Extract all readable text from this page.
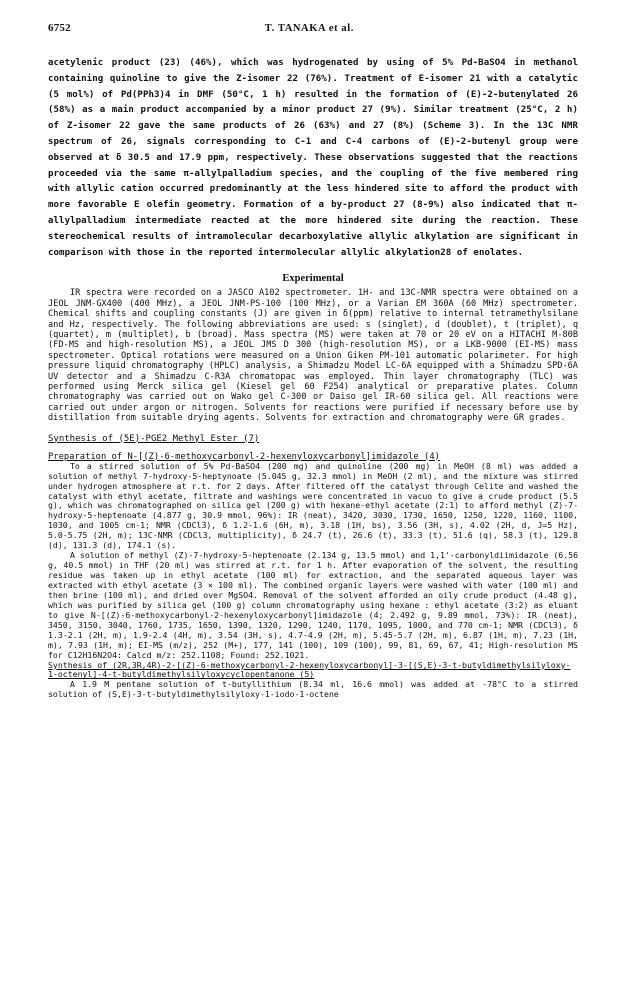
6752	T. TANAKA et al.

acetylenic product (23) (46%), which was hydrogenated by using of 5% Pd-BaSO4 in methanol containing quinoline to give the Z-isomer 22 (76%). Treatment of E-isomer 21 with a catalytic (5 mol%) of Pd(PPh3)4 in DMF (50°C, 1 h) resulted in the formation of (E)-2-butenylated 26 (58%) as a main product accompanied by a minor product 27 (9%). Similar treatment (25°C, 2 h) of Z-isomer 22 gave the same products of 26 (63%) and 27 (8%) (Scheme 3). In the 13C NMR spectrum of 26, signals corresponding to C-1 and C-4 carbons of (E)-2-butenyl group were observed at δ 30.5 and 17.9 ppm, respectively. These observations suggested that the reactions proceeded via the same π-allylpalladium species, and the coupling of the five membered ring with allylic cation occurred predominantly at the less hindered site to afford the product with more favorable E olefin geometry. Formation of a by-product 27 (8-9%) also indicated that π-allylpalladium intermediate reacted at the more hindered site during the reaction. These stereochemical results of intramolecular decarboxylative allylic alkylation are significant in comparison with those in the reported intermolecular allylic alkylation28 of enolates.

Experimental

IR spectra were recorded on a JASCO A102 spectrometer. 1H- and 13C-NMR spectra were obtained on a JEOL JNM-GX400 (400 MHz), a JEOL JNM-PS-100 (100 MHz), or a Varian EM 360A (60 MHz) spectrometer. Chemical shifts and coupling constants (J) are given in δ(ppm) relative to internal tetramethylsilane and Hz, respectively. The following abbreviations are used: s (singlet), d (doublet), t (triplet), q (quartet), m (multiplet), b (broad). Mass spectra (MS) were taken at 70 or 20 eV on a HITACHI M-80B (FD-MS and high-resolution MS), a JEOL JMS D 300 (high-resolution MS), or a LKB-9000 (EI-MS) mass spectrometer. Optical rotations were measured on a Union Giken PM-101 automatic polarimeter. For high pressure liquid chromatography (HPLC) analysis, a Shimadzu Model LC-6A equipped with a Shimadzu SPD-6A UV detector and a Shimadzu C-R3A chromatopac was employed. Thin layer chromatography (TLC) was performed using Merck silica gel (Kiesel gel 60 F254) analytical or preparative plates. Column chromatography was carried out on Wako gel C-300 or Daiso gel IR-60 silica gel. All reactions were carried out under argon or nitrogen. Solvents for reactions were purified if necessary before use by distillation from suitable drying agents. Solvents for extraction and chromatography were GR grades.

Synthesis of (5E)-PGE2 Methyl Ester (7)
Preparation of N-[(Z)-6-methoxycarbonyl-2-hexenyloxycarbonyl]imidazole (4)

To a stirred solution of 5% Pd-BaSO4 (200 mg) and quinoline (200 mg) in MeOH (8 ml) was added a solution of methyl 7-hydroxy-5-heptynoate (5.045 g, 32.3 mmol) in MeOH (2 ml), and the mixture was stirred under hydrogen atmosphere at r.t. for 2 days. After filtered off the catalyst through Celite and washed the catalyst with ethyl acetate, filtrate and washings were concentrated in vacuo to give a crude product (5.5 g), which was chromatographed on silica gel (200 g) with hexane-ethyl acetate (2:1) to afford methyl (Z)-7-hydroxy-5-heptenoate (4.877 g, 30.9 mmol, 96%): IR (neat), 3420, 3030, 1730, 1650, 1250, 1220, 1160, 1100, 1030, and 1005 cm-1; NMR (CDCl3), δ 1.2-1.6 (6H, m), 3.18 (1H, bs), 3.56 (3H, s), 4.02 (2H, d, J=5 Hz), 5.0-5.75 (2H, m); 13C-NMR (CDCl3, multiplicity), δ 24.7 (t), 26.6 (t), 33.3 (t), 51.6 (q), 58.3 (t), 129.8 (d), 131.3 (d), 174.1 (s).

A solution of methyl (Z)-7-hydroxy-5-heptenoate (2.134 g, 13.5 mmol) and 1,1'-carbonyldiimidazole (6.56 g, 40.5 mmol) in THF (20 ml) was stirred at r.t. for 1 h. After evaporation of the solvent, the resulting residue was taken up in ethyl acetate (100 ml) for extraction, and the separated aqueous layer was extracted with ethyl acetate (3 × 100 ml). The combined organic layers were washed with water (100 ml) and then brine (100 ml), and dried over MgSO4. Removal of the solvent afforded an oily crude product (4.48 g), which was purified by silica gel (100 g) column chromatography using hexane : ethyl acetate (3:2) as eluant to give N-[(Z)-6-methoxycarbonyl-2-hexenyloxycarbonyl]imidazole (4; 2.492 g, 9.89 mmol, 73%): IR (neat), 3450, 3150, 3040, 1760, 1735, 1650, 1390, 1320, 1290, 1240, 1170, 1095, 1000, and 770 cm-1; NMR (CDCl3), δ 1.3-2.1 (2H, m), 1.9-2.4 (4H, m), 3.54 (3H, s), 4.7-4.9 (2H, m), 5.45-5.7 (2H, m), 6.87 (1H, m), 7.23 (1H, m), 7.93 (1H, m); EI-MS (m/z), 252 (M+), 177, 141 (100), 109 (100), 99, 81, 69, 67, 41; High-resolution MS for C12H16N2O4: Calcd m/z: 252.1108; Found: 252.1021.

Synthesis of (2R,3R,4R)-2-[(Z)-6-methoxycarbonyl-2-hexenyloxycarbonyl]-3-[(S,E)-3-t-butyldimethylsilyloxy-1-octenyl]-4-t-butyldimethylsilyloxycyclopentanone (5)

A 1.9 M pentane solution of t-butyllithium (8.34 ml, 16.6 mmol) was added at -78°C to a stirred solution of (S,E)-3-t-butyldimethylsilyloxy-1-iodo-1-octene
